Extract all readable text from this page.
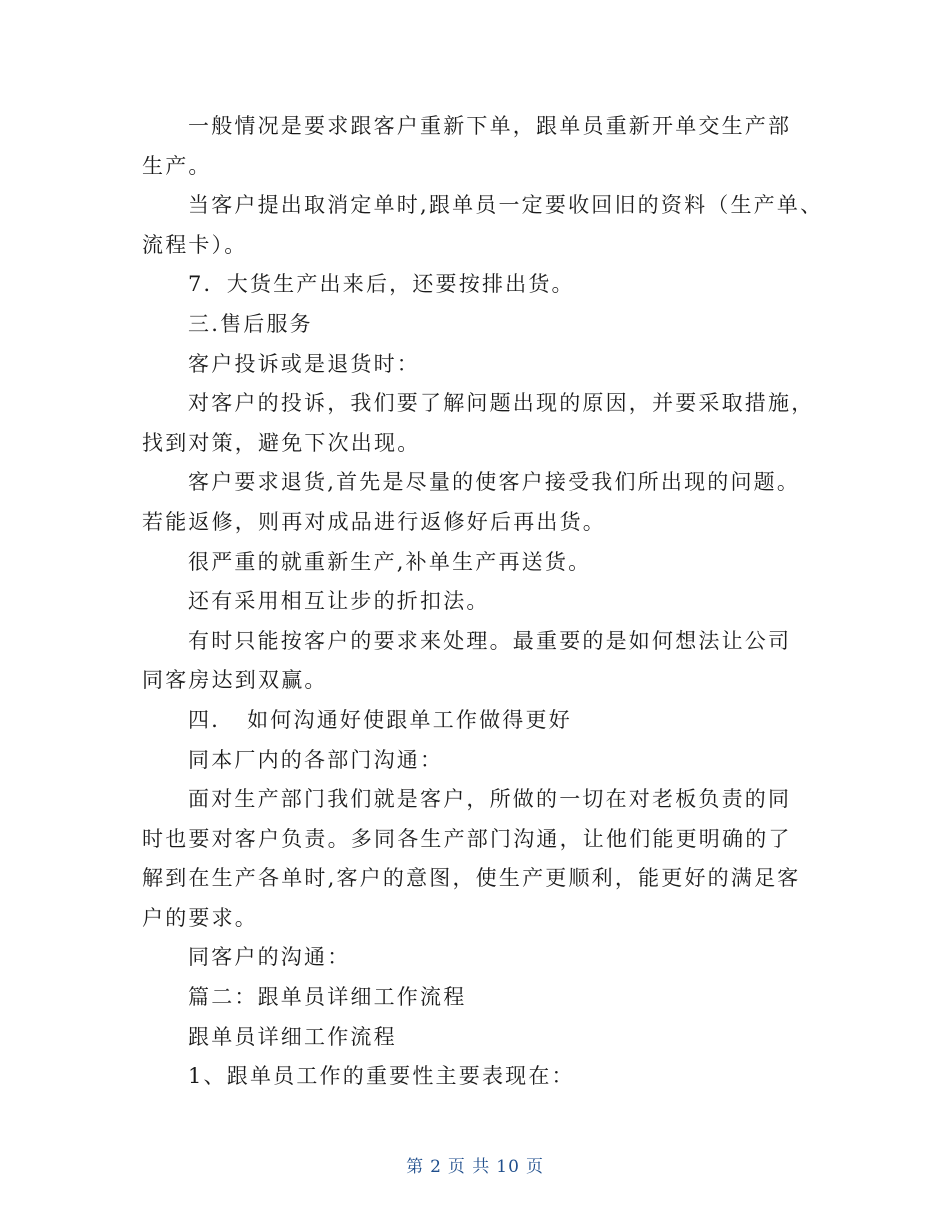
一般情况是要求跟客户重新下单，跟单员重新开单交生产部
生产。
当客户提出取消定单时,跟单员一定要收回旧的资料（生产单、
流程卡）。
7．大货生产出来后，还要按排出货。
三.售后服务
客户投诉或是退货时：
对客户的投诉，我们要了解问题出现的原因，并要采取措施，
找到对策，避免下次出现。
客户要求退货,首先是尽量的使客户接受我们所出现的问题。
若能返修，则再对成品进行返修好后再出货。
很严重的就重新生产,补单生产再送货。
还有采用相互让步的折扣法。
有时只能按客户的要求来处理。最重要的是如何想法让公司
同客房达到双赢。
四．　如何沟通好使跟单工作做得更好
同本厂内的各部门沟通：
面对生产部门我们就是客户，所做的一切在对老板负责的同
时也要对客户负责。多同各生产部门沟通，让他们能更明确的了
解到在生产各单时,客户的意图，使生产更顺利，能更好的满足客
户的要求。
同客户的沟通：
篇二：跟单员详细工作流程
跟单员详细工作流程
1、跟单员工作的重要性主要表现在：
第 2 页 共 10 页
